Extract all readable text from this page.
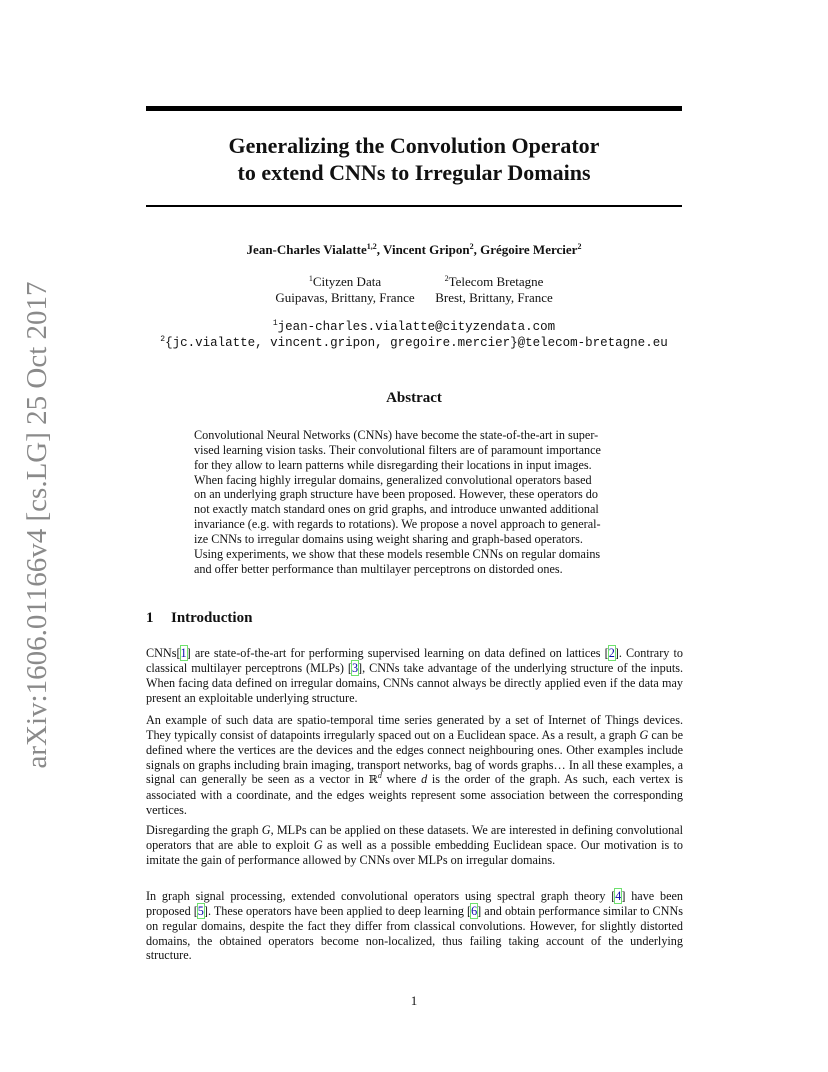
arXiv:1606.01166v4 [cs.LG] 25 Oct 2017
Generalizing the Convolution Operator
to extend CNNs to Irregular Domains
Jean-Charles Vialatte$^{1,2}$, Vincent Gripon$^2$, Grégoire Mercier$^2$
$^1$Cityzen Data
Guipavas, Brittany, France
$^2$Telecom Bretagne
Brest, Brittany, France
$^1$jean-charles.vialatte@cityzendata.com
$^2${jc.vialatte, vincent.gripon, gregoire.mercier}@telecom-bretagne.eu
Abstract
Convolutional Neural Networks (CNNs) have become the state-of-the-art in super-
vised learning vision tasks. Their convolutional filters are of paramount importance
for they allow to learn patterns while disregarding their locations in input images.
When facing highly irregular domains, generalized convolutional operators based
on an underlying graph structure have been proposed. However, these operators do
not exactly match standard ones on grid graphs, and introduce unwanted additional
invariance (e.g. with regards to rotations). We propose a novel approach to general-
ize CNNs to irregular domains using weight sharing and graph-based operators.
Using experiments, we show that these models resemble CNNs on regular domains
and offer better performance than multilayer perceptrons on distorded ones.
1 Introduction

CNNs[1] are state-of-the-art for performing supervised learning on data defined on lattices [2]. Contrary to classical multilayer perceptrons (MLPs) [3], CNNs take advantage of the underlying structure of the inputs. When facing data defined on irregular domains, CNNs cannot always be directly applied even if the data may present an exploitable underlying structure.

An example of such data are spatio-temporal time series generated by a set of Internet of Things devices. They typically consist of datapoints irregularly spaced out on a Euclidean space. As a result, a graph G can be defined where the vertices are the devices and the edges connect neighbouring ones. Other examples include signals on graphs including brain imaging, transport networks, bag of words graphs… In all these examples, a signal can generally be seen as a vector in ℝ$^d$ where d is the order of the graph. As such, each vertex is associated with a coordinate, and the edges weights represent some association between the corresponding vertices.

Disregarding the graph G, MLPs can be applied on these datasets. We are interested in defining convolutional operators that are able to exploit G as well as a possible embedding Euclidean space. Our motivation is to imitate the gain of performance allowed by CNNs over MLPs on irregular domains.

In graph signal processing, extended convolutional operators using spectral graph theory [4] have been proposed [5]. These operators have been applied to deep learning [6] and obtain performance similar to CNNs on regular domains, despite the fact they differ from classical convolutions. However, for slightly distorted domains, the obtained operators become non-localized, thus failing taking account of the underlying structure.

1
